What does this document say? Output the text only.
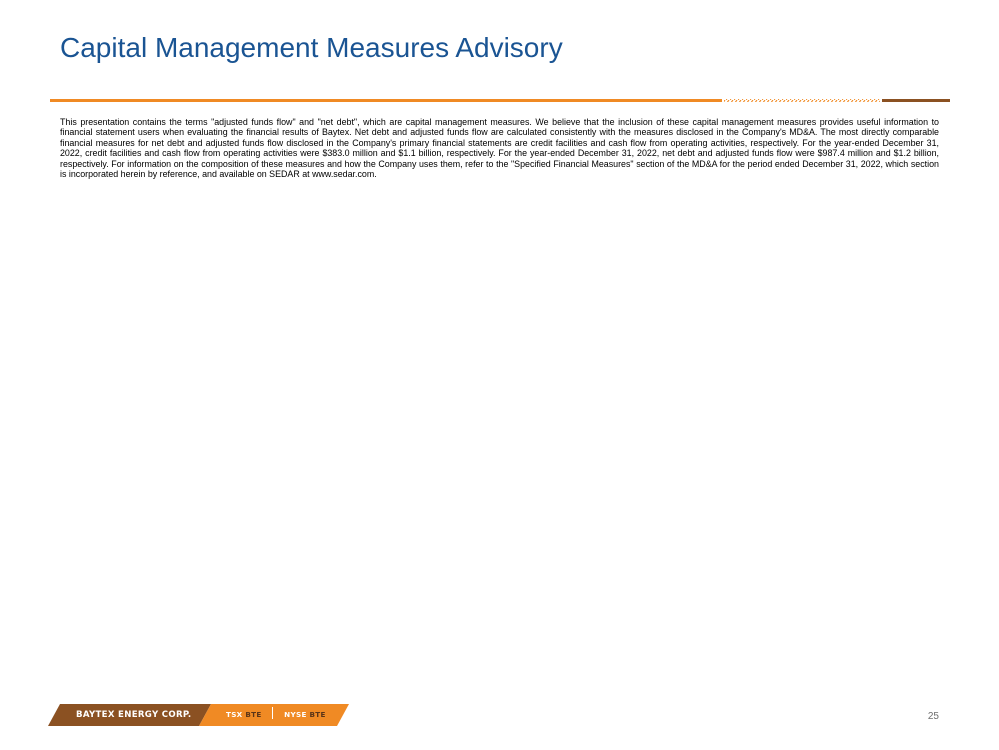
Capital Management Measures Advisory

This presentation contains the terms "adjusted funds flow" and "net debt", which are capital management measures. We believe that the inclusion of these capital management measures provides useful information to financial statement users when evaluating the financial results of Baytex. Net debt and adjusted funds flow are calculated consistently with the measures disclosed in the Company's MD&A. The most directly comparable financial measures for net debt and adjusted funds flow disclosed in the Company's primary financial statements are credit facilities and cash flow from operating activities, respectively. For the year-ended December 31, 2022, credit facilities and cash flow from operating activities were $383.0 million and $1.1 billion, respectively. For the year-ended December 31, 2022, net debt and adjusted funds flow were $987.4 million and $1.2 billion, respectively. For information on the composition of these measures and how the Company uses them, refer to the "Specified Financial Measures" section of the MD&A for the period ended December 31, 2022, which section is incorporated herein by reference, and available on SEDAR at www.sedar.com.

BAYTEX ENERGY CORP.	TSX BTE	NYSE BTE	25
